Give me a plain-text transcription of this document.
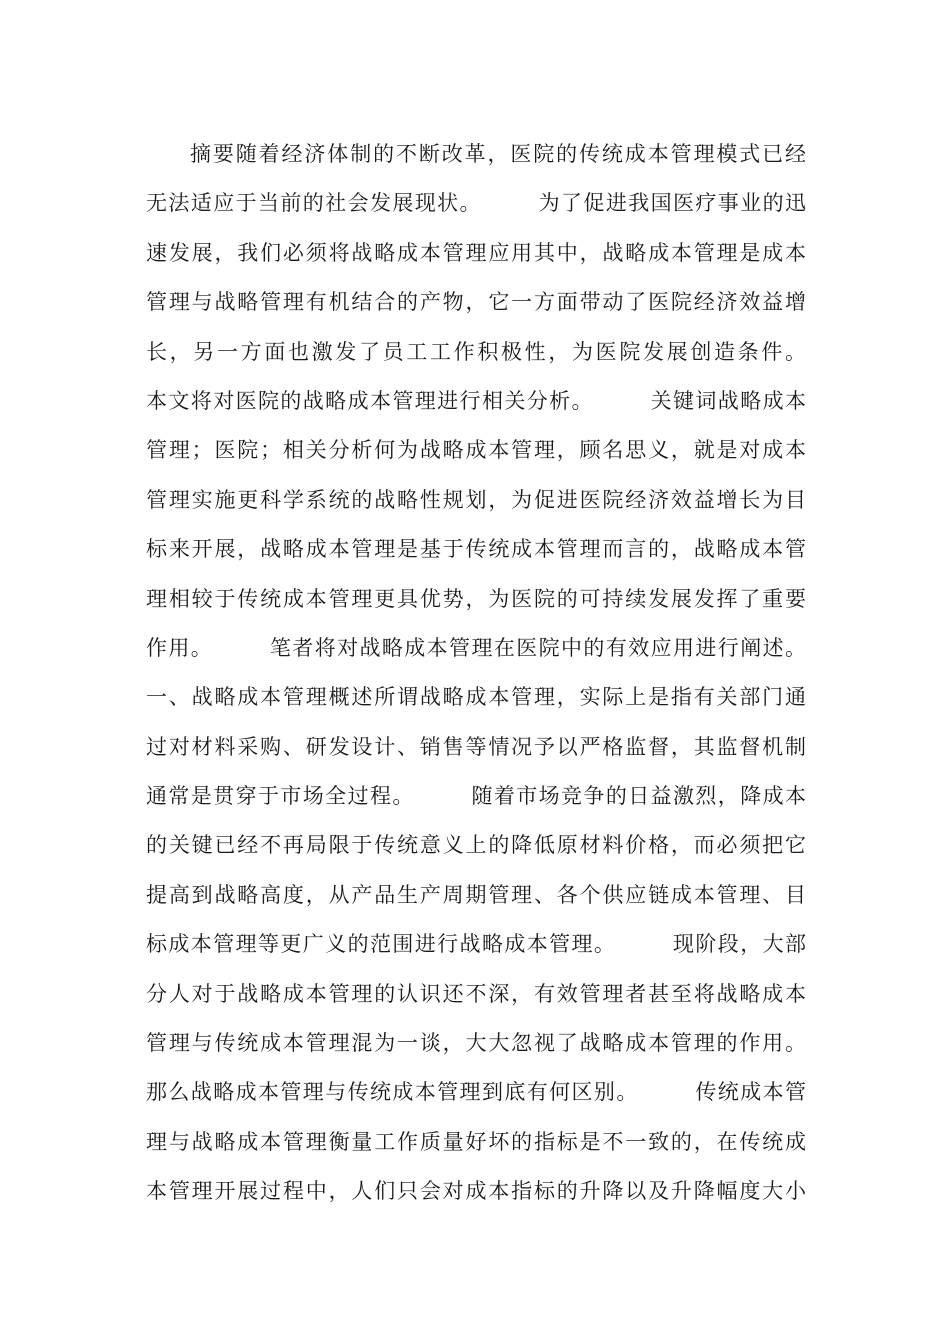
摘要随着经济体制的不断改革，医院的传统成本管理模式已经
无法适应于当前的社会发展现状。　　　为了促进我国医疗事业的迅
速发展，我们必须将战略成本管理应用其中，战略成本管理是成本
管理与战略管理有机结合的产物，它一方面带动了医院经济效益增
长，另一方面也激发了员工工作积极性，为医院发展创造条件。
本文将对医院的战略成本管理进行相关分析。　　　关键词战略成本
管理；医院；相关分析何为战略成本管理，顾名思义，就是对成本
管理实施更科学系统的战略性规划，为促进医院经济效益增长为目
标来开展，战略成本管理是基于传统成本管理而言的，战略成本管
理相较于传统成本管理更具优势，为医院的可持续发展发挥了重要
作用。　　　笔者将对战略成本管理在医院中的有效应用进行阐述。
一、战略成本管理概述所谓战略成本管理，实际上是指有关部门通
过对材料采购、研发设计、销售等情况予以严格监督，其监督机制
通常是贯穿于市场全过程。　　　随着市场竞争的日益激烈，降成本
的关键已经不再局限于传统意义上的降低原材料价格，而必须把它
提高到战略高度，从产品生产周期管理、各个供应链成本管理、目
标成本管理等更广义的范围进行战略成本管理。　　　现阶段，大部
分人对于战略成本管理的认识还不深，有效管理者甚至将战略成本
管理与传统成本管理混为一谈，大大忽视了战略成本管理的作用。
那么战略成本管理与传统成本管理到底有何区别。　　　传统成本管
理与战略成本管理衡量工作质量好坏的指标是不一致的，在传统成
本管理开展过程中，人们只会对成本指标的升降以及升降幅度大小
